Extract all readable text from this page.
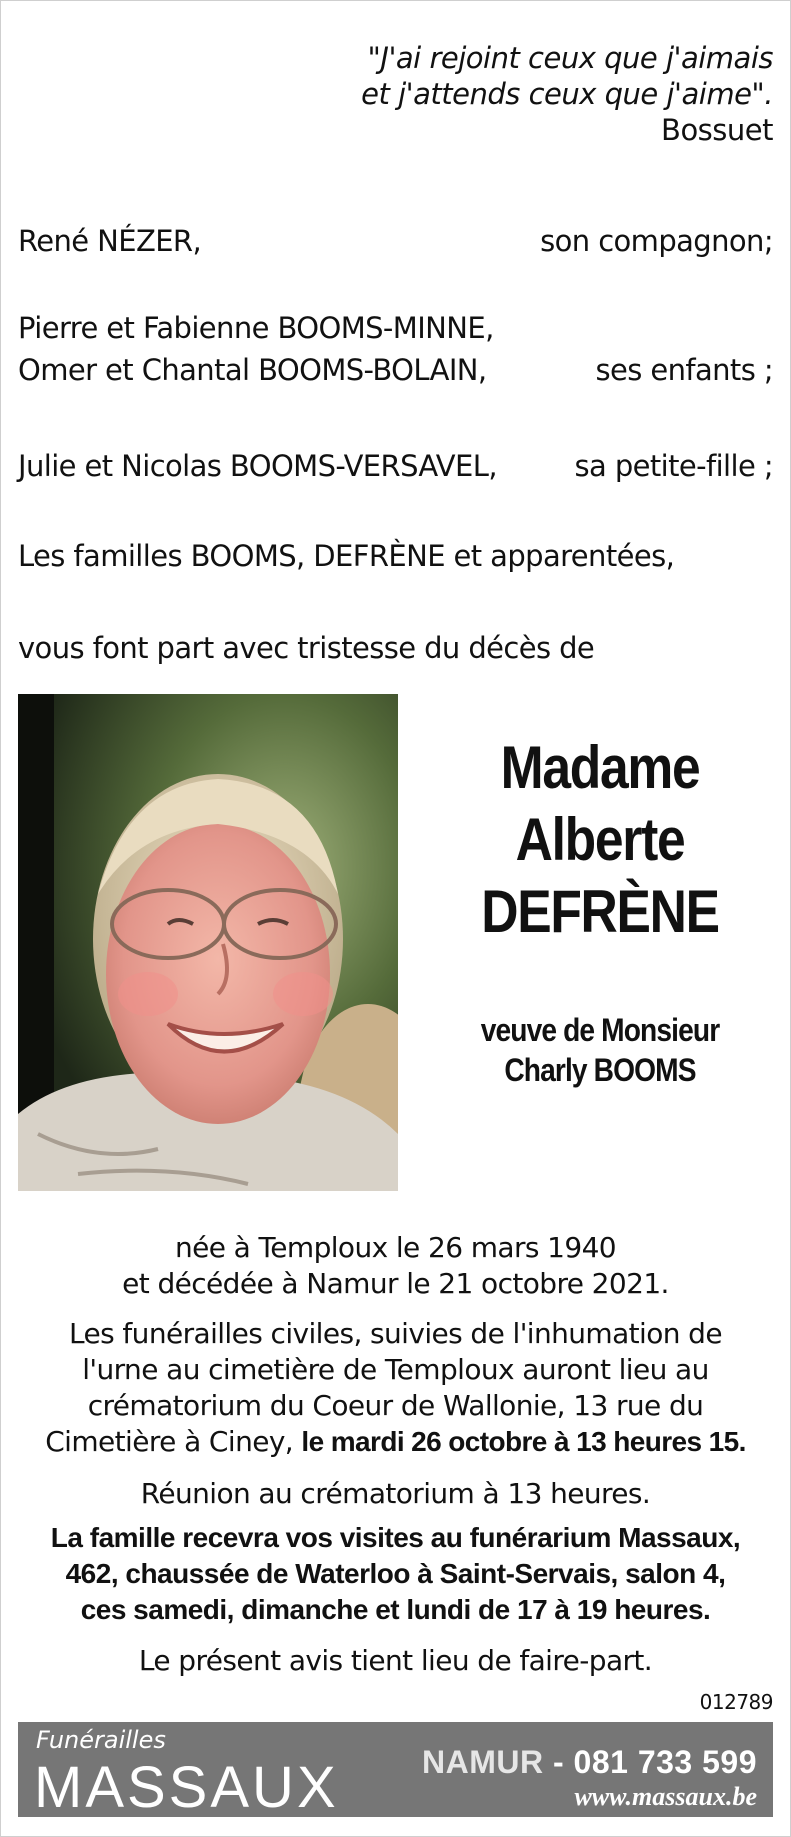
"J'ai rejoint ceux que j'aimais
et j'attends ceux que j'aime".
Bossuet
René NÉZER,	son compagnon;
Pierre et Fabienne BOOMS-MINNE,
Omer et Chantal BOOMS-BOLAIN,	ses enfants ;
Julie et Nicolas BOOMS-VERSAVEL,	sa petite-fille ;
Les familles BOOMS, DEFRÈNE et apparentées,
vous font part avec tristesse du décès de
Madame
Alberte
DEFRÈNE
veuve de Monsieur
Charly BOOMS
née à Temploux le 26 mars 1940
et décédée à Namur le 21 octobre 2021.
Les funérailles civiles, suivies de l'inhumation de
l'urne au cimetière de Temploux auront lieu au
crématorium du Coeur de Wallonie, 13 rue du
Cimetière à Ciney, le mardi 26 octobre à 13 heures 15.
Réunion au crématorium à 13 heures.
La famille recevra vos visites au funérarium Massaux,
462, chaussée de Waterloo à Saint-Servais, salon 4,
ces samedi, dimanche et lundi de 17 à 19 heures.
Le présent avis tient lieu de faire-part.
012789
Funérailles
MASSAUX	NAMUR - 081 733 599
www.massaux.be
